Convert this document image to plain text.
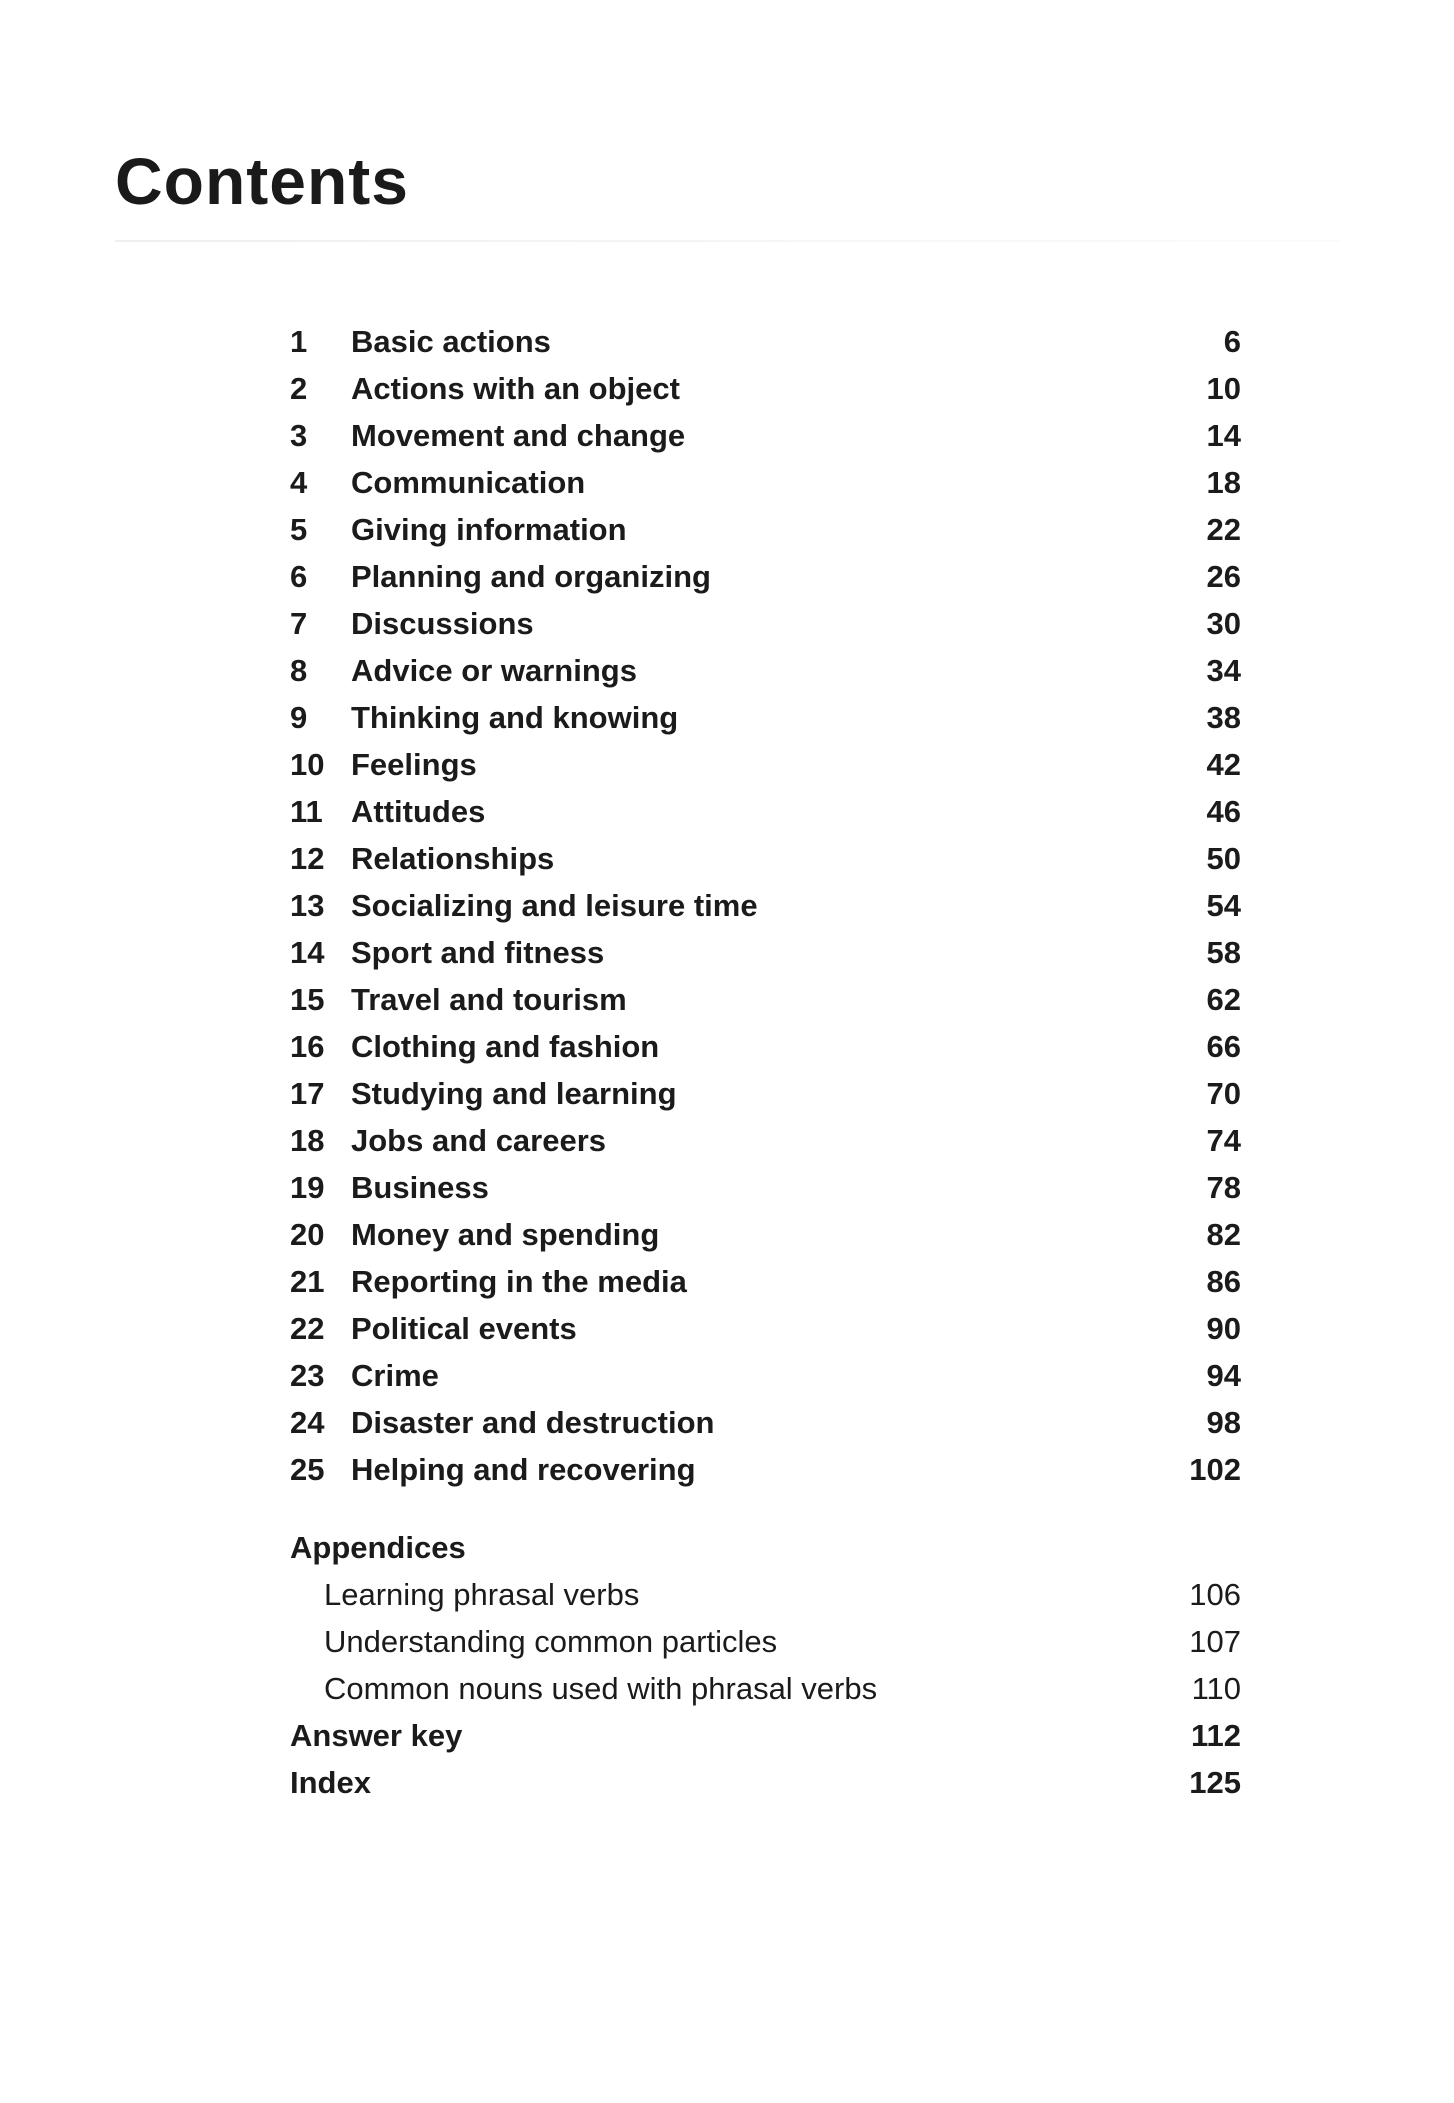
Contents
1 Basic actions	6
2 Actions with an object	10
3 Movement and change	14
4 Communication	18
5 Giving information	22
6 Planning and organizing	26
7 Discussions	30
8 Advice or warnings	34
9 Thinking and knowing	38
10 Feelings	42
11 Attitudes	46
12 Relationships	50
13 Socializing and leisure time	54
14 Sport and fitness	58
15 Travel and tourism	62
16 Clothing and fashion	66
17 Studying and learning	70
18 Jobs and careers	74
19 Business	78
20 Money and spending	82
21 Reporting in the media	86
22 Political events	90
23 Crime	94
24 Disaster and destruction	98
25 Helping and recovering	102
Appendices
Learning phrasal verbs	106
Understanding common particles	107
Common nouns used with phrasal verbs	110
Answer key	112
Index	125
